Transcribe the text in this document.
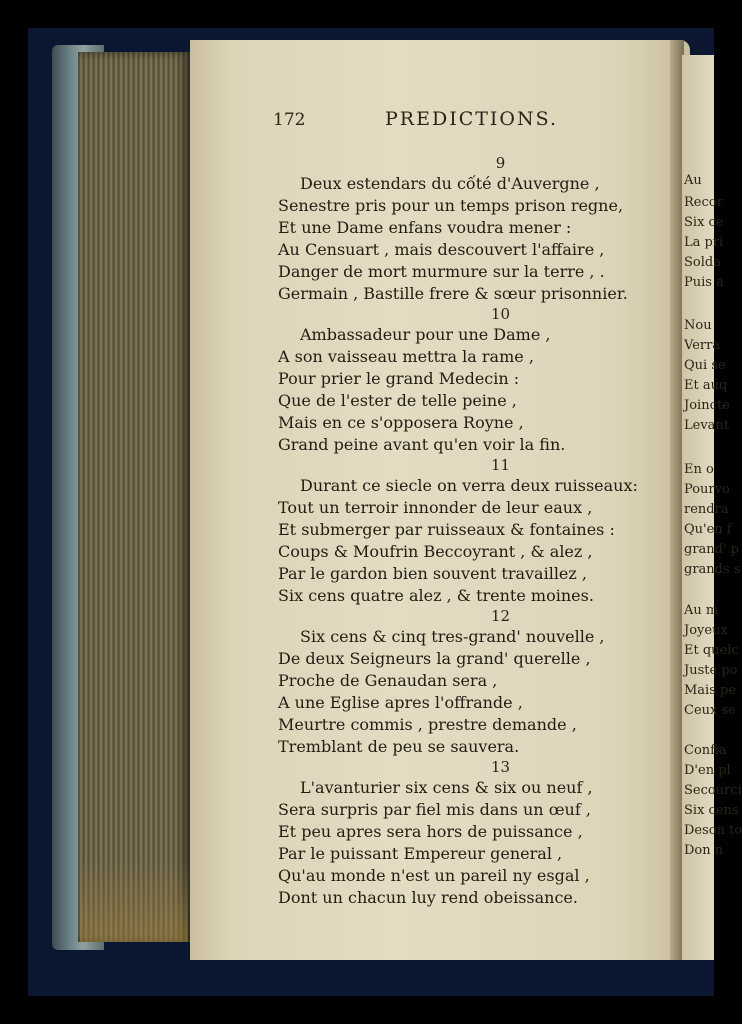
172	PREDICTIONS.
9
Deux estendars du cốté d'Auvergne ,
Senestre pris pour un temps prison regne,
Et une Dame enfans voudra mener :
Au Censuart , mais descouvert l'affaire ,
Danger de mort murmure sur la terre , .
Germain , Bastille frere & sœur prisonnier.
10
Ambassadeur pour une Dame ,
A son vaisseau mettra la rame ,
Pour prier le grand Medecin :
Que de l'ester de telle peine ,
Mais en ce s'opposera Royne ,
Grand peine avant qu'en voir la fin.
11
Durant ce siecle on verra deux ruisseaux:
Tout un terroir innonder de leur eaux ,
Et submerger par ruisseaux & fontaines :
Coups & Moufrin Beccoyrant , & alez ,
Par le gardon bien souvent travaillez ,
Six cens quatre alez , & trente moines.
12
Six cens & cinq tres-grand' nouvelle ,
De deux Seigneurs la grand' querelle ,
Proche de Genaudan sera ,
A une Eglise apres l'offrande ,
Meurtre commis , prestre demande ,
Tremblant de peu se sauvera.
13
L'avanturier six cens & six ou neuf ,
Sera surpris par fiel mis dans un œuf ,
Et peu apres sera hors de puissance ,
Par le puissant Empereur general ,
Qu'au monde n'est un pareil ny esgal ,
Dont un chacun luy rend obeissance.
Au
Recor
Six ce
La pri
Solda
Puis a
Nou
Verra
Qui se
Et auq
Joincte
Levant
En o
Pourvo
rendra
Qu'en f
grand' p
grands s
Au m
Joyeux
Et quelc
Juste po
Mais pe
Ceux se
Confia
D'en pl
Secourci
Six cens
Deson to
Don n
